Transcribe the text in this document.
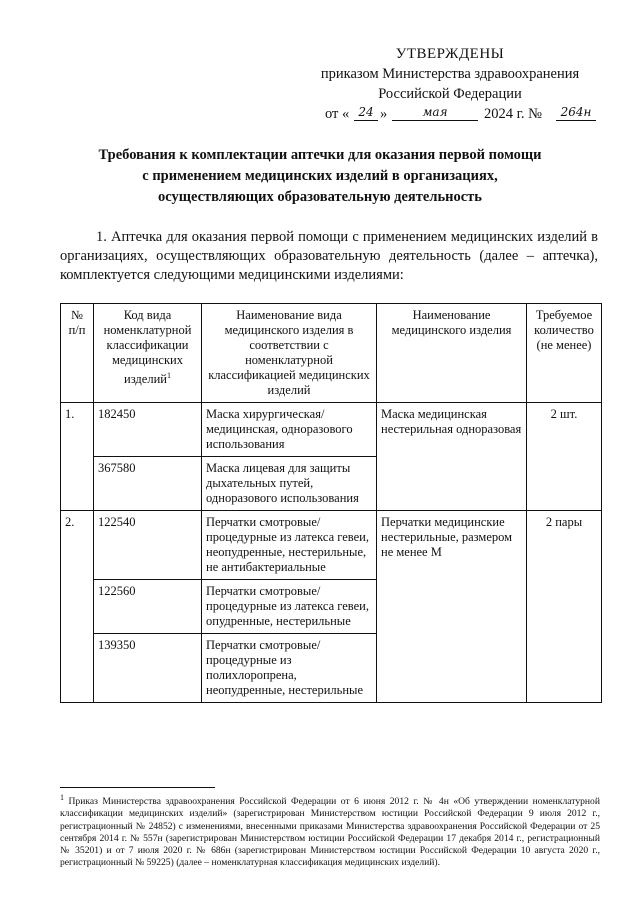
УТВЕРЖДЕНЫ
приказом Министерства здравоохранения
Российской Федерации
от « 24 »	мая	2024 г. №	264н
Требования к комплектации аптечки для оказания первой помощи
с применением медицинских изделий в организациях,
осуществляющих образовательную деятельность
1. Аптечка для оказания первой помощи с применением медицинских изделий в организациях, осуществляющих образовательную деятельность (далее – аптечка), комплектуется следующими медицинскими изделиями:
№ п/п	Код вида номенклатурной классификации медицинских изделий$^1$	Наименование вида медицинского изделия в соответствии с номенклатурной классификацией медицинских изделий	Наименование медицинского изделия	Требуемое количество (не менее)
1.	182450	Маска хирургическая/ медицинская, одноразового использования	Маска медицинская нестерильная одноразовая	2 шт.
	367580	Маска лицевая для защиты дыхательных путей, одноразового использования		
2.	122540	Перчатки смотровые/ процедурные из латекса гевеи, неопудренные, нестерильные, не антибактериальные	Перчатки медицинские нестерильные, размером не менее M	2 пары
	122560	Перчатки смотровые/ процедурные из латекса гевеи, опудренные, нестерильные		
	139350	Перчатки смотровые/ процедурные из полихлоропрена, неопудренные, нестерильные		
$^1$ Приказ Министерства здравоохранения Российской Федерации от 6 июня 2012 г. № 4н «Об утверждении номенклатурной классификации медицинских изделий» (зарегистрирован Министерством юстиции Российской Федерации 9 июля 2012 г., регистрационный № 24852) с изменениями, внесенными приказами Министерства здравоохранения Российской Федерации от 25 сентября 2014 г. № 557н (зарегистрирован Министерством юстиции Российской Федерации 17 декабря 2014 г., регистрационный № 35201) и от 7 июля 2020 г. № 686н (зарегистрирован Министерством юстиции Российской Федерации 10 августа 2020 г., регистрационный № 59225) (далее – номенклатурная классификация медицинских изделий).
